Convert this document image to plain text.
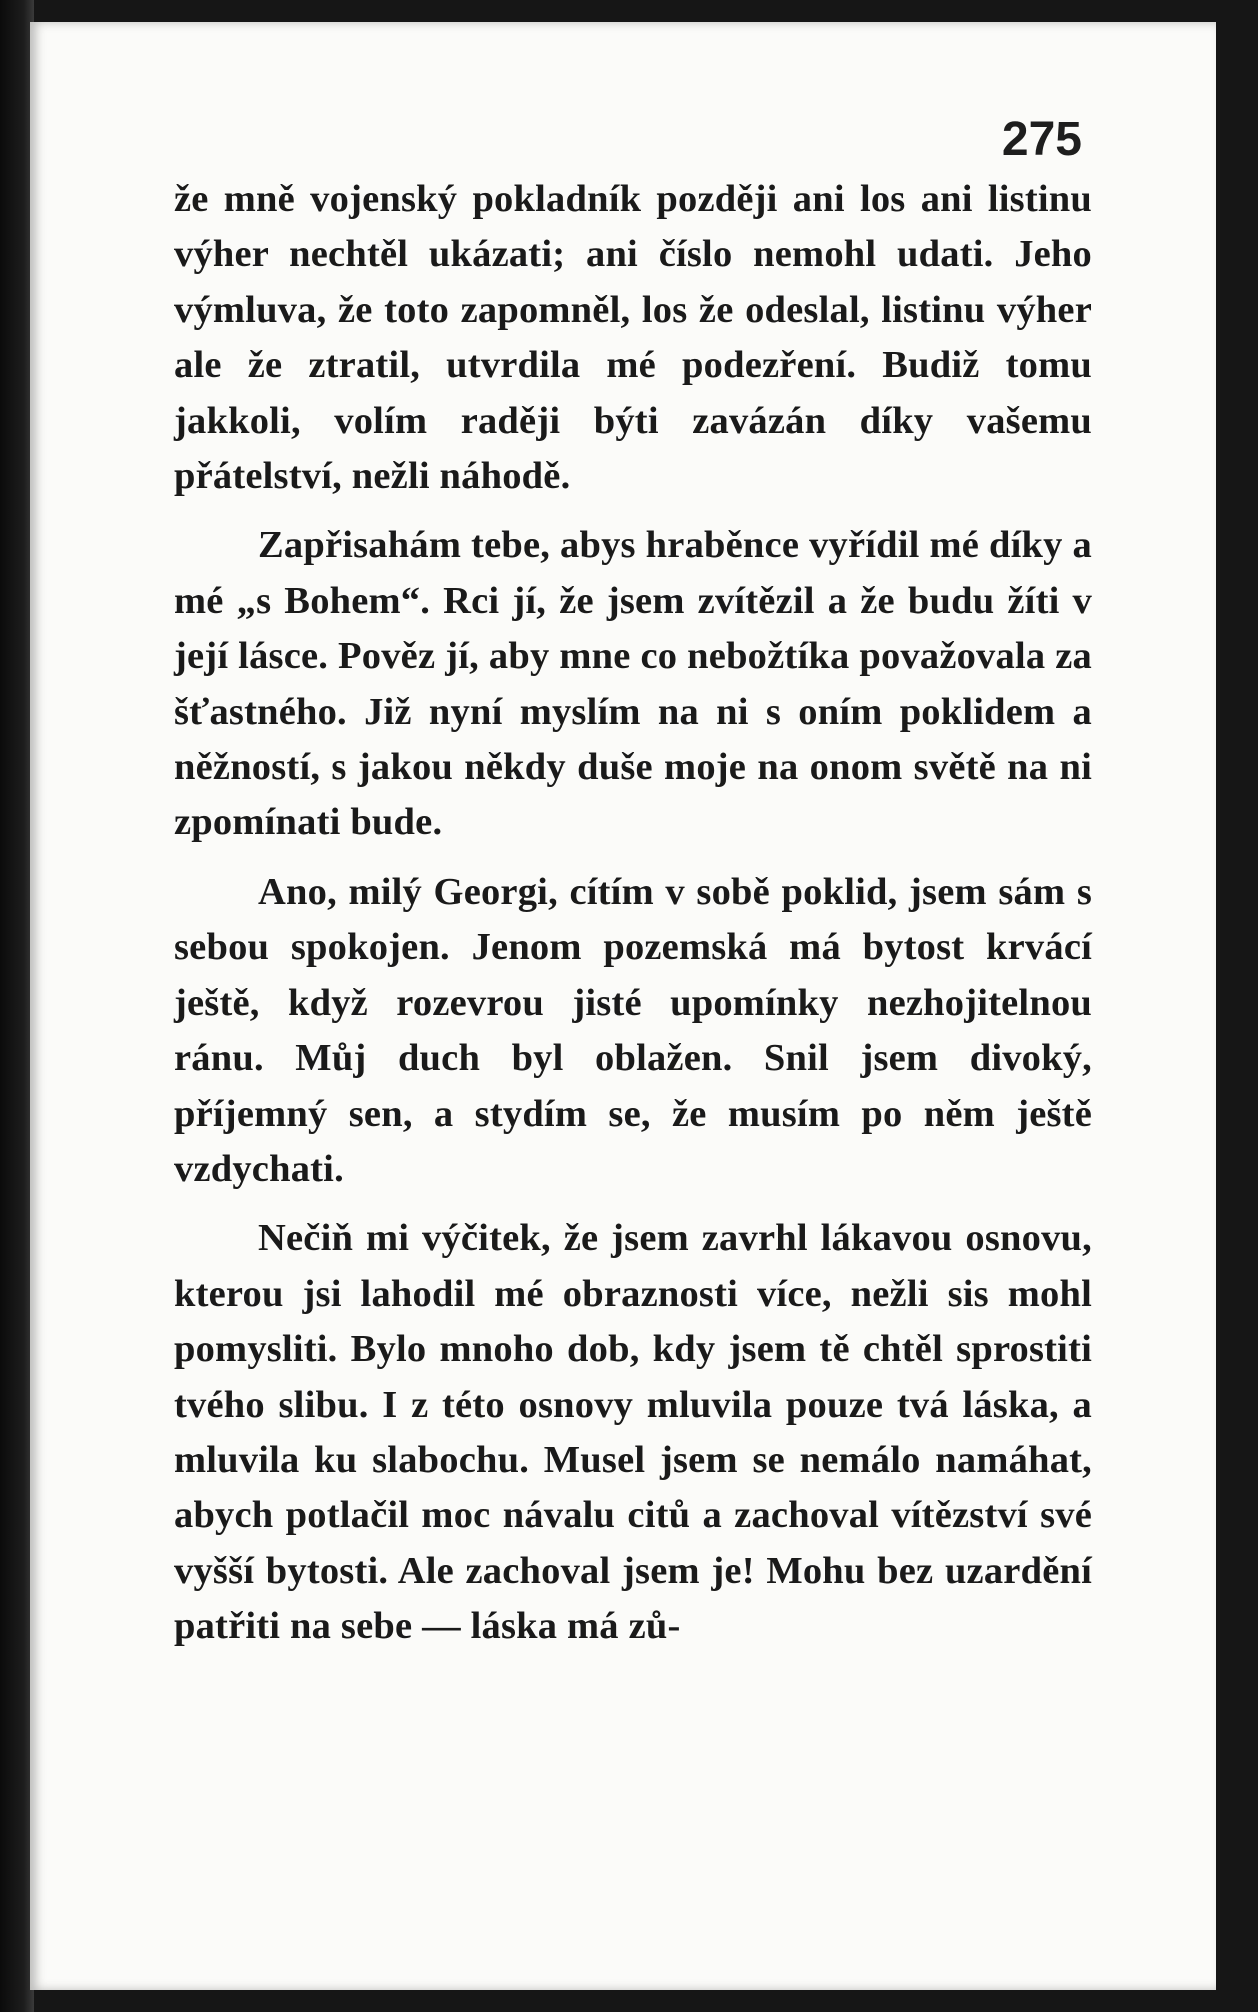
275

že mně vojenský pokladník později ani los ani listinu výher nechtěl ukázati; ani číslo nemohl udati. Jeho výmluva, že toto zapomněl, los že odeslal, listinu výher ale že ztratil, utvrdila mé podezření. Budiž tomu jakkoli, volím raději býti zavázán díky vašemu přátelství, nežli náhodě.

Zapřisahám tebe, abys hraběnce vyřídil mé díky a mé „s Bohem“. Rci jí, že jsem zvítězil a že budu žíti v její lásce. Pověz jí, aby mne co nebožtíka považovala za šťastného. Již nyní myslím na ni s oním poklidem a něžností, s jakou někdy duše moje na onom světě na ni zpomínati bude.

Ano, milý Georgi, cítím v sobě poklid, jsem sám s sebou spokojen. Jenom pozemská má bytost krvácí ještě, když rozevrou jisté upomínky nezhojitelnou ránu. Můj duch byl oblažen. Snil jsem divoký, příjemný sen, a stydím se, že musím po něm ještě vzdychati.

Nečiň mi výčitek, že jsem zavrhl lákavou osnovu, kterou jsi lahodil mé obraznosti více, nežli sis mohl pomysliti. Bylo mnoho dob, kdy jsem tě chtěl sprostiti tvého slibu. I z této osnovy mluvila pouze tvá láska, a mluvila ku slabochu. Musel jsem se nemálo namáhat, abych potlačil moc návalu citů a zachoval vítězství své vyšší bytosti. Ale zachoval jsem je! Mohu bez uzardění patřiti na sebe — láska má zů-
